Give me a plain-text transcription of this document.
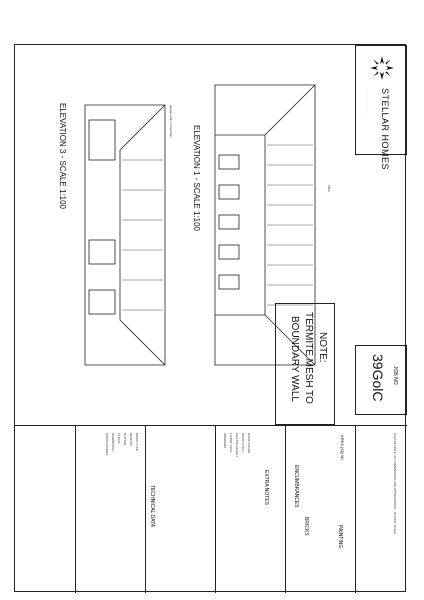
STELLAR HOMES
· · · · · · · · · · · · · · ·
JOB NO.
39GolC
NOTE:
TERMITE MESH TO
BOUNDARY WALL
ELEVATION 1 - SCALE 1:100
ELEVATION 3 - SCALE 1:100	garage wall on boundary
2400
TECHNICAL DATA	ENCUMBRANCES
EXTRA NOTES
BRICKS	PAINTING
AREA (SQ.M)
ROOF COVER
ROOF PITCH
CEILING HEIGHT
FLOOR TILES
WINDOWS
BRICK TYPE
MORTAR
GUTTER
FASCIA
DOWNPIPES
DOOR FRAMES	PLEASE NOTE: ALL DIMENSIONS ARE APPROXIMATE - DO NOT SCALE
